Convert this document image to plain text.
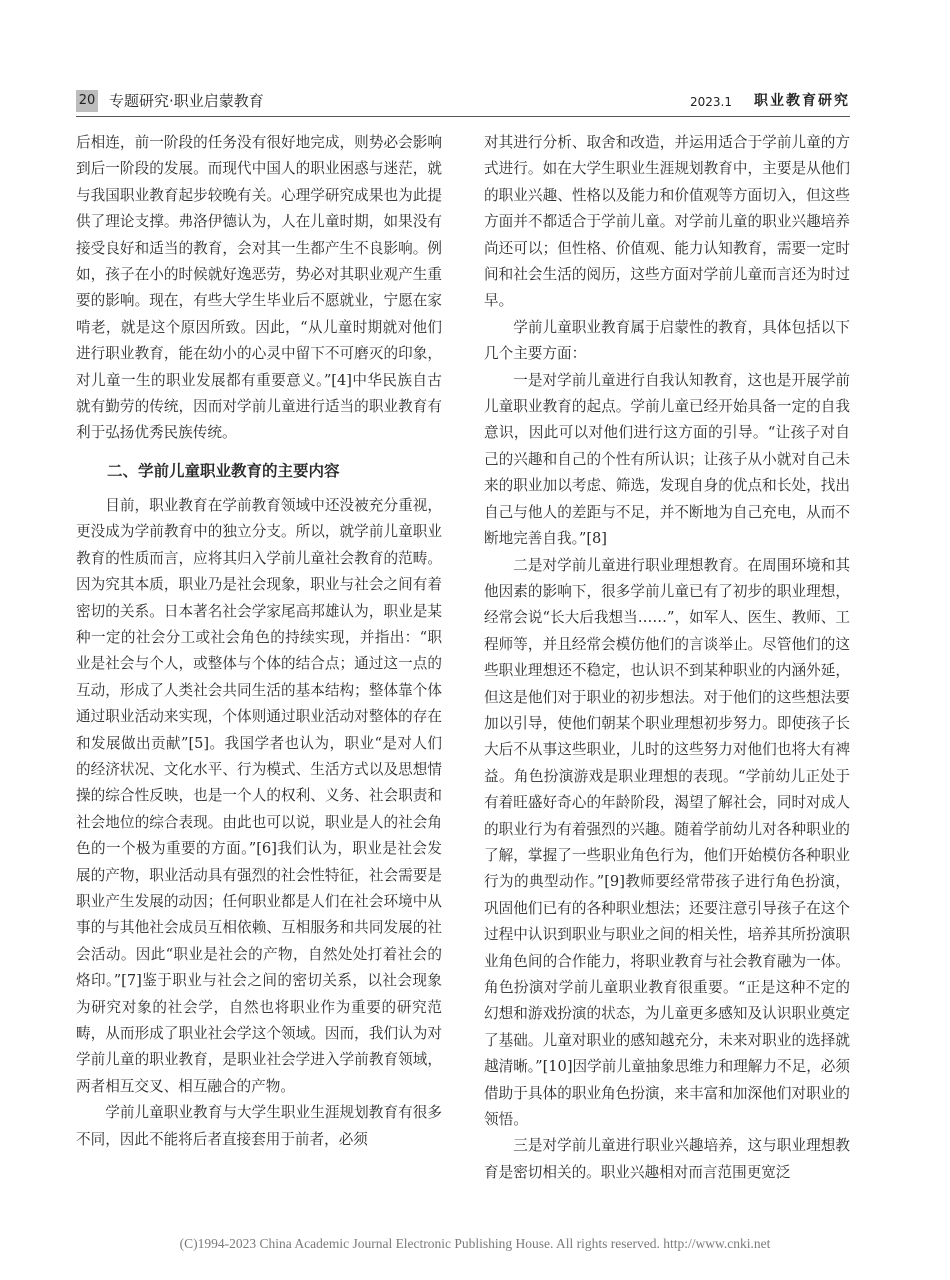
20 专题研究·职业启蒙教育	2023.1 职业教育研究

后相连，前一阶段的任务没有很好地完成，则势必会影响到后一阶段的发展。而现代中国人的职业困惑与迷茫，就与我国职业教育起步较晚有关。心理学研究成果也为此提供了理论支撑。弗洛伊德认为，人在儿童时期，如果没有接受良好和适当的教育，会对其一生都产生不良影响。例如，孩子在小的时候就好逸恶劳，势必对其职业观产生重要的影响。现在，有些大学生毕业后不愿就业，宁愿在家啃老，就是这个原因所致。因此，“从儿童时期就对他们进行职业教育，能在幼小的心灵中留下不可磨灭的印象，对儿童一生的职业发展都有重要意义。”[4]中华民族自古就有勤劳的传统，因而对学前儿童进行适当的职业教育有利于弘扬优秀民族传统。

二、学前儿童职业教育的主要内容

目前，职业教育在学前教育领域中还没被充分重视，更没成为学前教育中的独立分支。所以，就学前儿童职业教育的性质而言，应将其归入学前儿童社会教育的范畴。因为究其本质，职业乃是社会现象，职业与社会之间有着密切的关系。日本著名社会学家尾高邦雄认为，职业是某种一定的社会分工或社会角色的持续实现，并指出：“职业是社会与个人，或整体与个体的结合点；通过这一点的互动，形成了人类社会共同生活的基本结构；整体靠个体通过职业活动来实现，个体则通过职业活动对整体的存在和发展做出贡献”[5]。我国学者也认为，职业“是对人们的经济状况、文化水平、行为模式、生活方式以及思想情操的综合性反映，也是一个人的权利、义务、社会职责和社会地位的综合表现。由此也可以说，职业是人的社会角色的一个极为重要的方面。”[6]我们认为，职业是社会发展的产物，职业活动具有强烈的社会性特征，社会需要是职业产生发展的动因；任何职业都是人们在社会环境中从事的与其他社会成员互相依赖、互相服务和共同发展的社会活动。因此“职业是社会的产物，自然处处打着社会的烙印。”[7]鉴于职业与社会之间的密切关系，以社会现象为研究对象的社会学，自然也将职业作为重要的研究范畴，从而形成了职业社会学这个领域。因而，我们认为对学前儿童的职业教育，是职业社会学进入学前教育领域，两者相互交叉、相互融合的产物。

学前儿童职业教育与大学生职业生涯规划教育有很多不同，因此不能将后者直接套用于前者，必须

对其进行分析、取舍和改造，并运用适合于学前儿童的方式进行。如在大学生职业生涯规划教育中，主要是从他们的职业兴趣、性格以及能力和价值观等方面切入，但这些方面并不都适合于学前儿童。对学前儿童的职业兴趣培养尚还可以；但性格、价值观、能力认知教育，需要一定时间和社会生活的阅历，这些方面对学前儿童而言还为时过早。

学前儿童职业教育属于启蒙性的教育，具体包括以下几个主要方面：

一是对学前儿童进行自我认知教育，这也是开展学前儿童职业教育的起点。学前儿童已经开始具备一定的自我意识，因此可以对他们进行这方面的引导。“让孩子对自己的兴趣和自己的个性有所认识；让孩子从小就对自己未来的职业加以考虑、筛选，发现自身的优点和长处，找出自己与他人的差距与不足，并不断地为自己充电，从而不断地完善自我。”[8]

二是对学前儿童进行职业理想教育。在周围环境和其他因素的影响下，很多学前儿童已有了初步的职业理想，经常会说“长大后我想当……”，如军人、医生、教师、工程师等，并且经常会模仿他们的言谈举止。尽管他们的这些职业理想还不稳定，也认识不到某种职业的内涵外延，但这是他们对于职业的初步想法。对于他们的这些想法要加以引导，使他们朝某个职业理想初步努力。即使孩子长大后不从事这些职业，儿时的这些努力对他们也将大有裨益。角色扮演游戏是职业理想的表现。“学前幼儿正处于有着旺盛好奇心的年龄阶段，渴望了解社会，同时对成人的职业行为有着强烈的兴趣。随着学前幼儿对各种职业的了解，掌握了一些职业角色行为，他们开始模仿各种职业行为的典型动作。”[9]教师要经常带孩子进行角色扮演，巩固他们已有的各种职业想法；还要注意引导孩子在这个过程中认识到职业与职业之间的相关性，培养其所扮演职业角色间的合作能力，将职业教育与社会教育融为一体。角色扮演对学前儿童职业教育很重要。“正是这种不定的幻想和游戏扮演的状态，为儿童更多感知及认识职业奠定了基础。儿童对职业的感知越充分，未来对职业的选择就越清晰。”[10]因学前儿童抽象思维力和理解力不足，必须借助于具体的职业角色扮演，来丰富和加深他们对职业的领悟。

三是对学前儿童进行职业兴趣培养，这与职业理想教育是密切相关的。职业兴趣相对而言范围更宽泛

(C)1994-2023 China Academic Journal Electronic Publishing House. All rights reserved. http://www.cnki.net
